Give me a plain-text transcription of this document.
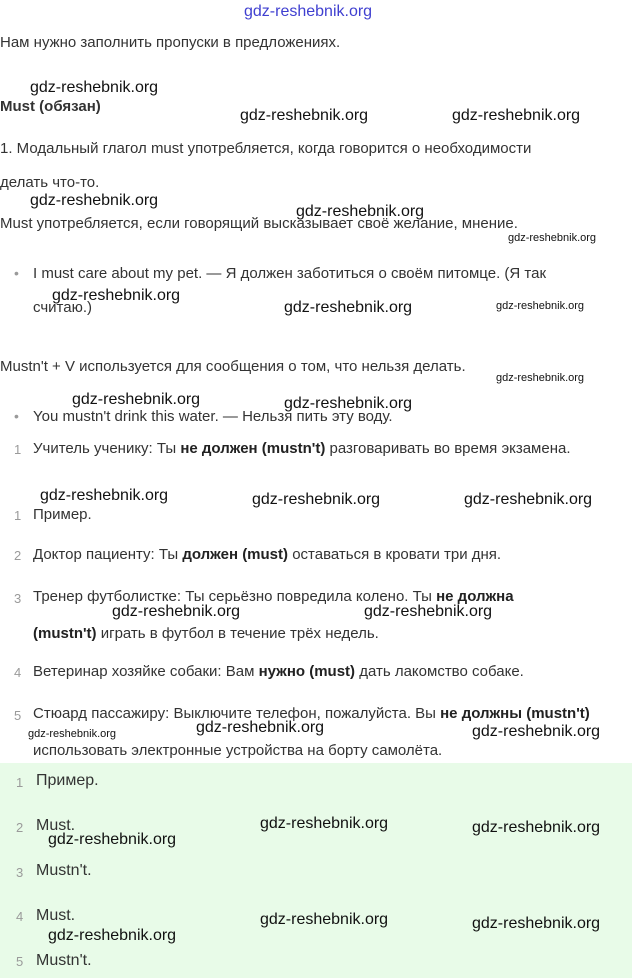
gdz-reshebnik.org
Нам нужно заполнить пропуски в предложениях.
Must (обязан)
1. Модальный глагол must употребляется, когда говорится о необходимости
делать что-то.
Must употребляется, если говорящий высказывает своё желание, мнение.
• I must care about my pet. — Я должен заботиться о своём питомце. (Я так
считаю.)
Mustn't + V используется для сообщения о том, что нельзя делать.
• You mustn't drink this water. — Нельзя пить эту воду.
1 Учитель ученику: Ты не должен (mustn't) разговаривать во время экзамена.
1 Пример.
2 Доктор пациенту: Ты должен (must) оставаться в кровати три дня.
3 Тренер футболистке: Ты серьёзно повредила колено. Ты не должна (mustn't) играть в футбол в течение трёх недель.
4 Ветеринар хозяйке собаки: Вам нужно (must) дать лакомство собаке.
5 Стюард пассажиру: Выключите телефон, пожалуйста. Вы не должны (mustn't) использовать электронные устройства на борту самолёта.
1 Пример.
2 Must.
3 Mustn't.
4 Must.
5 Mustn't.
gdz-reshebnik.org
gdz-reshebnik.org	gdz-reshebnik.org
gdz-reshebnik.org
gdz-reshebnik.org
gdz-reshebnik.org
gdz-reshebnik.org
gdz-reshebnik.org	gdz-reshebnik.org
gdz-reshebnik.org
gdz-reshebnik.org	gdz-reshebnik.org
gdz-reshebnik.org	gdz-reshebnik.org	gdz-reshebnik.org
gdz-reshebnik.org	gdz-reshebnik.org
gdz-reshebnik.org	gdz-reshebnik.org	gdz-reshebnik.org
gdz-reshebnik.org	gdz-reshebnik.org
gdz-reshebnik.org
gdz-reshebnik.org	gdz-reshebnik.org
gdz-reshebnik.org
